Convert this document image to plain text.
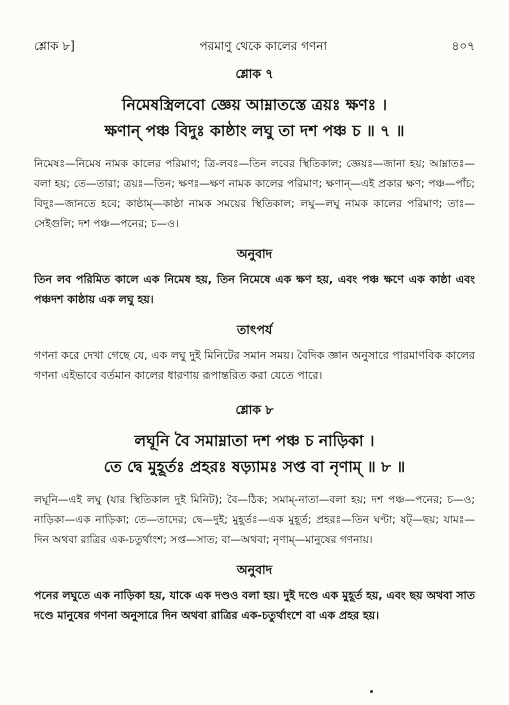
শ্লোক ৮]	পরমাণু থেকে কালের গণনা	৪০৭
শ্লোক ৭
নিমেষস্ত্রিলবো জ্ঞেয় আম্নাতস্তে ত্রয়ঃ ক্ষণঃ ।
ক্ষণান্ পঞ্চ বিদুঃ কাষ্ঠাং লঘু তা দশ পঞ্চ চ ॥ ৭ ॥
নিমেষঃ—নিমেষ নামক কালের পরিমাণ; ত্রি-লবঃ—তিন লবের স্থিতিকাল; জ্ঞেয়ঃ—জানা হয়; আম্নাতঃ—বলা হয়; তে—তারা; ত্রয়ঃ—তিন; ক্ষণঃ—ক্ষণ নামক কালের পরিমাণ; ক্ষণান্—এই প্রকার ক্ষণ; পঞ্চ—পাঁচ; বিদুঃ—জানতে হবে; কাষ্ঠাম্—কাষ্ঠা নামক সময়ের স্থিতিকাল; লঘু—লঘু নামক কালের পরিমাণ; তাঃ—সেইগুলি; দশ পঞ্চ—পনের; চ—ও।
অনুবাদ
তিন লব পরিমিত কালে এক নিমেষ হয়, তিন নিমেষে এক ক্ষণ হয়, এবং পঞ্চ ক্ষণে এক কাষ্ঠা এবং পঞ্চদশ কাষ্ঠায় এক লঘু হয়।
তাৎপর্য
গণনা করে দেখা গেছে যে, এক লঘু দুই মিনিটের সমান সময়। বৈদিক জ্ঞান অনুসারে পারমাণবিক কালের গণনা এইভাবে বর্তমান কালের ধারণায় রূপান্তরিত করা যেতে পারে।
শ্লোক ৮
লঘূনি বৈ সমাম্নাতা দশ পঞ্চ চ নাড়িকা ।
তে দ্বে মুহূর্তঃ প্রহরঃ ষড়্যামঃ সপ্ত বা নৃণাম্ ॥ ৮ ॥
লঘূনি—এই লঘু (যার স্থিতিকাল দুই মিনিট); বৈ—ঠিক; সমাম্-নাতা—বলা হয়; দশ পঞ্চ—পনের; চ—ও; নাড়িকা—এক নাড়িকা; তে—তাদের; দ্বে—দুই; মুহূর্তঃ—এক মুহূর্ত; প্রহরঃ—তিন ঘণ্টা; ষট্—ছয়; যামঃ—দিন অথবা রাত্রির এক-চতুর্থাংশ; সপ্ত—সাত; বা—অথবা; নৃণাম্—মানুষের গণনায়।
অনুবাদ
পনের লঘুতে এক নাড়িকা হয়, যাকে এক দণ্ডও বলা হয়। দুই দণ্ডে এক মুহূর্ত হয়, এবং ছয় অথবা সাত দণ্ডে মানুষের গণনা অনুসারে দিন অথবা রাত্রির এক-চতুর্থাংশে বা এক প্রহর হয়।
